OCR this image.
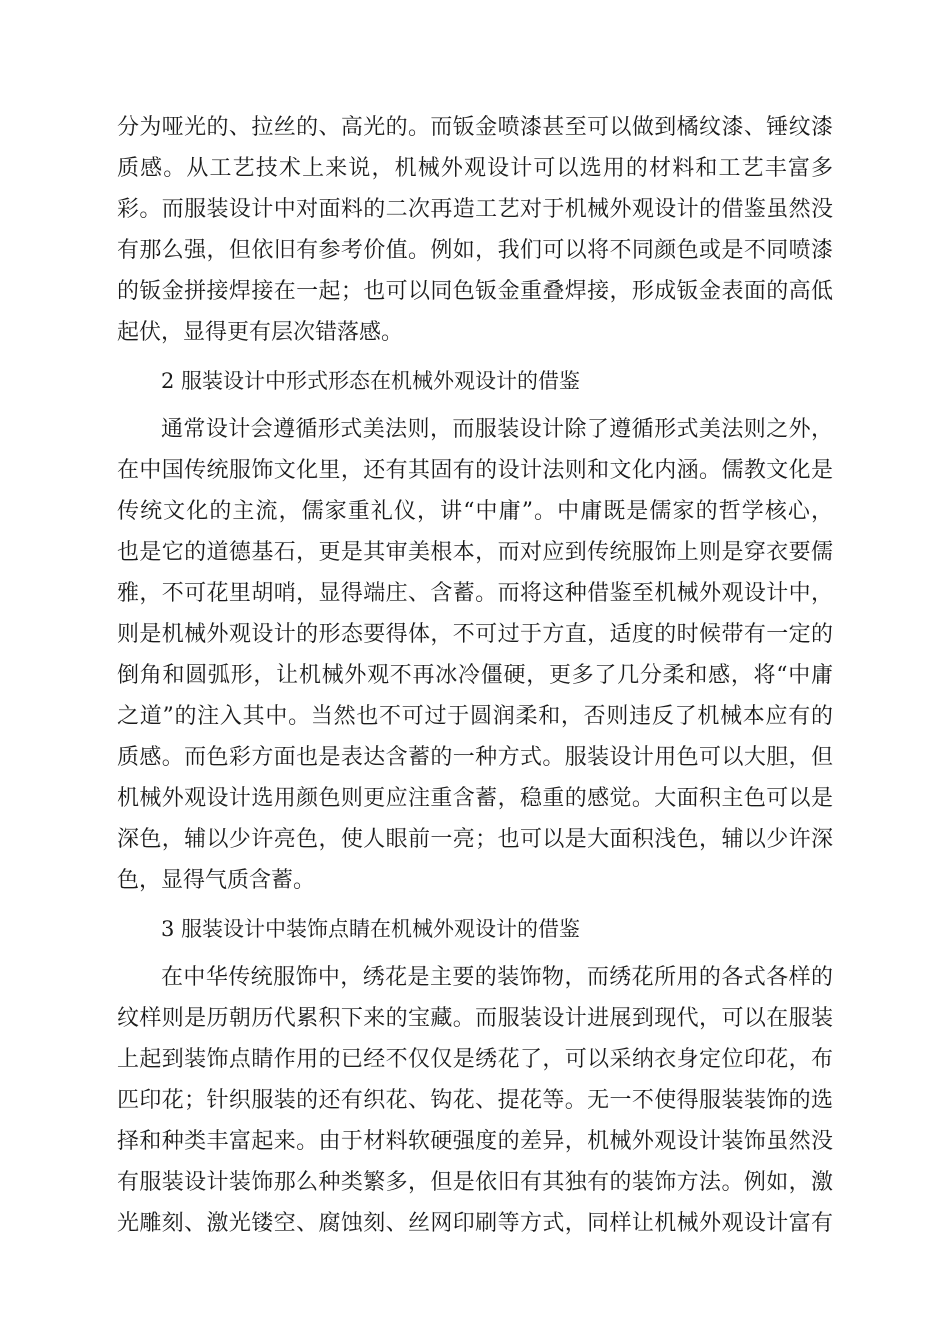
分为哑光的、拉丝的、高光的。而钣金喷漆甚至可以做到橘纹漆、锤纹漆
质感。从工艺技术上来说，机械外观设计可以选用的材料和工艺丰富多
彩。而服装设计中对面料的二次再造工艺对于机械外观设计的借鉴虽然没
有那么强，但依旧有参考价值。例如，我们可以将不同颜色或是不同喷漆
的钣金拼接焊接在一起；也可以同色钣金重叠焊接，形成钣金表面的高低
起伏，显得更有层次错落感。
2 服装设计中形式形态在机械外观设计的借鉴
通常设计会遵循形式美法则，而服装设计除了遵循形式美法则之外，
在中国传统服饰文化里，还有其固有的设计法则和文化内涵。儒教文化是
传统文化的主流，儒家重礼仪，讲“中庸”。中庸既是儒家的哲学核心，
也是它的道德基石，更是其审美根本，而对应到传统服饰上则是穿衣要儒
雅，不可花里胡哨，显得端庄、含蓄。而将这种借鉴至机械外观设计中，
则是机械外观设计的形态要得体，不可过于方直，适度的时候带有一定的
倒角和圆弧形，让机械外观不再冰冷僵硬，更多了几分柔和感，将“中庸
之道”的注入其中。当然也不可过于圆润柔和，否则违反了机械本应有的
质感。而色彩方面也是表达含蓄的一种方式。服装设计用色可以大胆，但
机械外观设计选用颜色则更应注重含蓄，稳重的感觉。大面积主色可以是
深色，辅以少许亮色，使人眼前一亮；也可以是大面积浅色，辅以少许深
色，显得气质含蓄。
3 服装设计中装饰点睛在机械外观设计的借鉴
在中华传统服饰中，绣花是主要的装饰物，而绣花所用的各式各样的
纹样则是历朝历代累积下来的宝藏。而服装设计进展到现代，可以在服装
上起到装饰点睛作用的已经不仅仅是绣花了，可以采纳衣身定位印花，布
匹印花；针织服装的还有织花、钩花、提花等。无一不使得服装装饰的选
择和种类丰富起来。由于材料软硬强度的差异，机械外观设计装饰虽然没
有服装设计装饰那么种类繁多，但是依旧有其独有的装饰方法。例如，激
光雕刻、激光镂空、腐蚀刻、丝网印刷等方式，同样让机械外观设计富有
